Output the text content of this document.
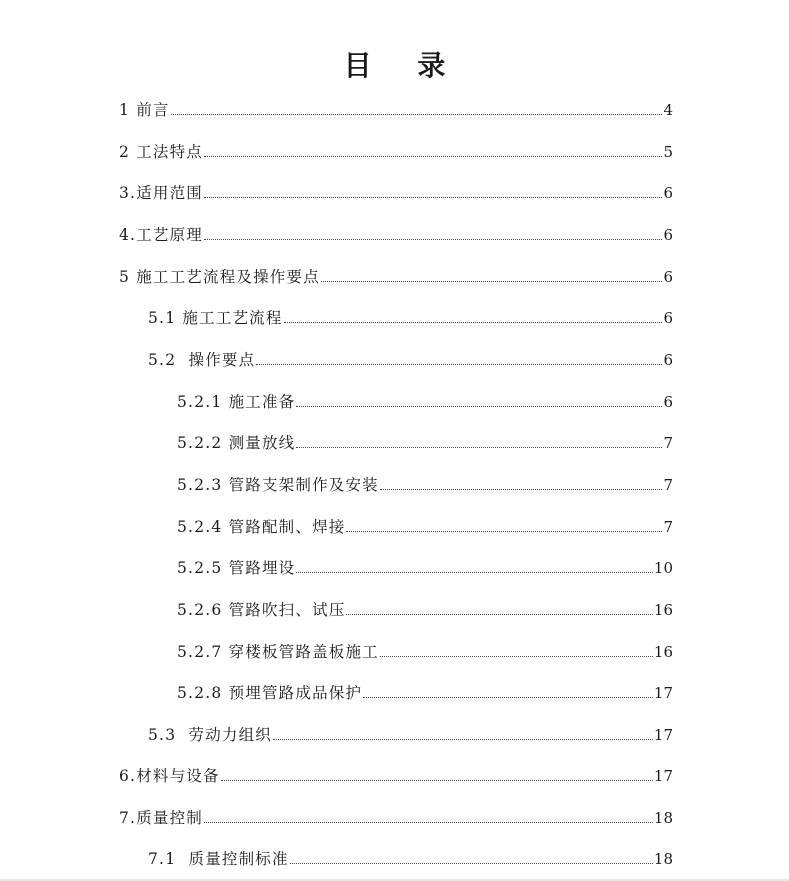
目 录
1 前言	4
2 工法特点	5
3.适用范围	6
4.工艺原理	6
5 施工工艺流程及操作要点	6
5.1 施工工艺流程	6
5.2  操作要点	6
5.2.1 施工准备	6
5.2.2 测量放线	7
5.2.3 管路支架制作及安装	7
5.2.4 管路配制、焊接	7
5.2.5 管路埋设	10
5.2.6 管路吹扫、试压	16
5.2.7 穿楼板管路盖板施工	16
5.2.8 预埋管路成品保护	17
5.3  劳动力组织	17
6.材料与设备	17
7.质量控制	18
7.1  质量控制标准	18
